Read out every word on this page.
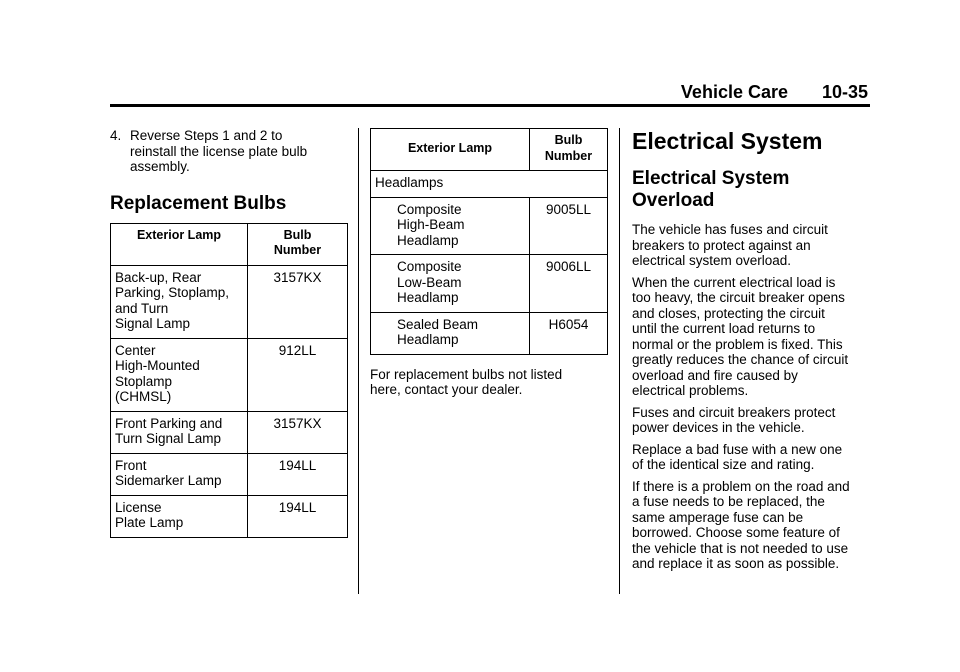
Vehicle Care 10-35
4. Reverse Steps 1 and 2 to
reinstall the license plate bulb
assembly.
Replacement Bulbs
Exterior Lamp	Bulb
Number

Back-up, Rear
Parking, Stoplamp,
and Turn
Signal Lamp	3157KX

Center
High-Mounted
Stoplamp
(CHMSL)	912LL

Front Parking and
Turn Signal Lamp	3157KX

Front
Sidemarker Lamp	194LL

License
Plate Lamp	194LL
Exterior Lamp	Bulb
Number

Headlamps	

Composite
High-Beam
Headlamp	9005LL

Composite
Low-Beam
Headlamp	9006LL

Sealed Beam
Headlamp	H6054

For replacement bulbs not listed
here, contact your dealer.

Electrical System
Electrical System
Overload

The vehicle has fuses and circuit
breakers to protect against an
electrical system overload.

When the current electrical load is
too heavy, the circuit breaker opens
and closes, protecting the circuit
until the current load returns to
normal or the problem is fixed. This
greatly reduces the chance of circuit
overload and fire caused by
electrical problems.

Fuses and circuit breakers protect
power devices in the vehicle.

Replace a bad fuse with a new one
of the identical size and rating.

If there is a problem on the road and
a fuse needs to be replaced, the
same amperage fuse can be
borrowed. Choose some feature of
the vehicle that is not needed to use
and replace it as soon as possible.
